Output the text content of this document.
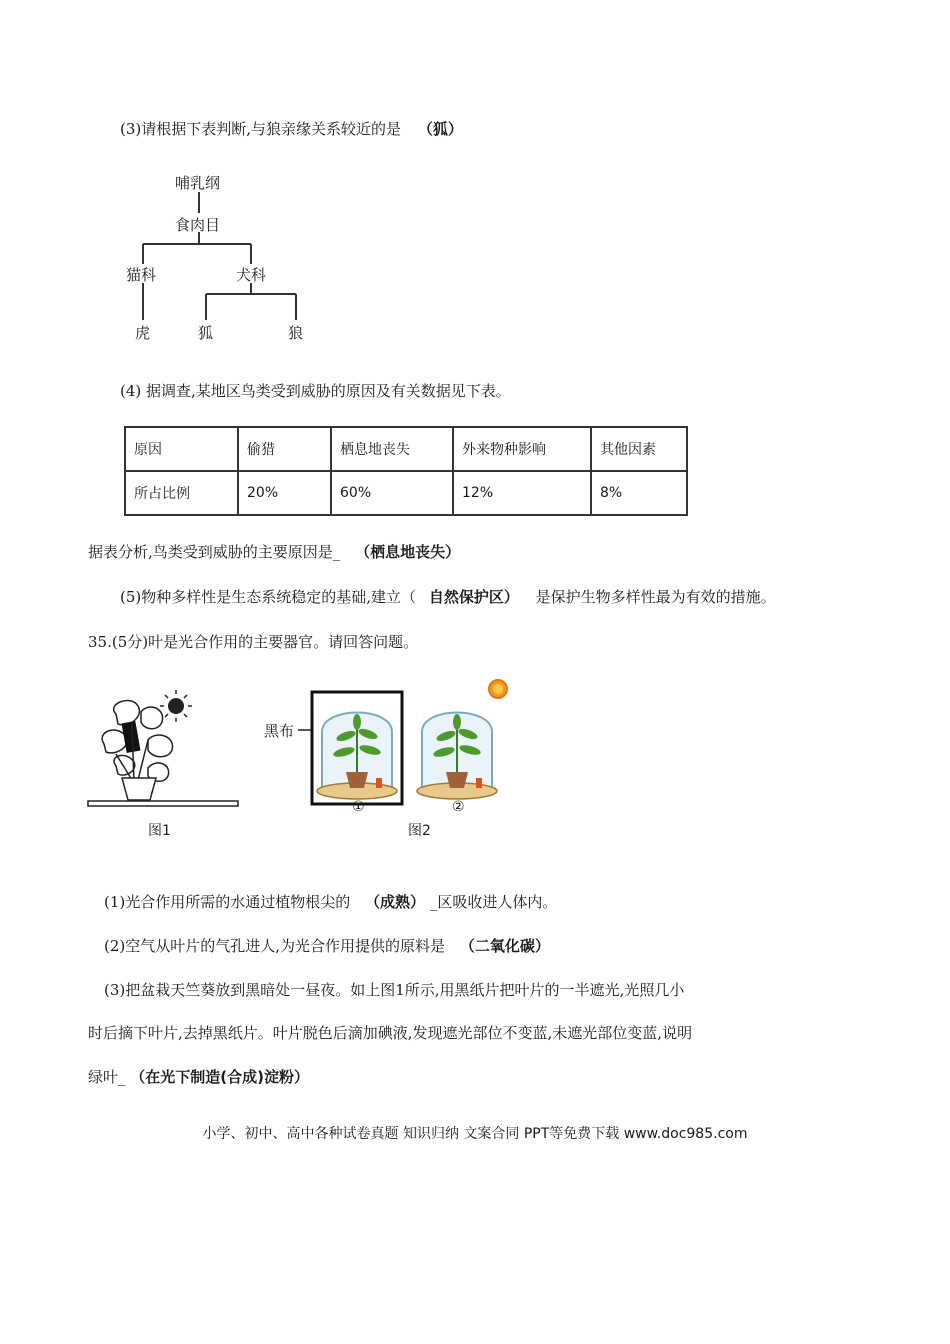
(3)请根据下表判断,与狼亲缘关系较近的是 （狐）
哺乳纲
食肉目
猫科	犬科
虎	狐	狼
(4) 据调查,某地区鸟类受到威胁的原因及有关数据见下表。
原因	偷猎	栖息地丧失	外来物种影响	其他因素
所占比例	20%	60%	12%	8%
据表分析,鸟类受到威胁的主要原因是_ （栖息地丧失）
(5)物种多样性是生态系统稳定的基础,建立（ 自然保护区） 是保护生物多样性最为有效的措施。
35.(5分)叶是光合作用的主要器官。请回答问题。
图1
黑布
①	②
图2
(1)光合作用所需的水通过植物根尖的 （成熟） _区吸收进人体内。
(2)空气从叶片的气孔进人,为光合作用提供的原料是 （二氧化碳）
(3)把盆栽天竺葵放到黑暗处一昼夜。如上图1所示,用黑纸片把叶片的一半遮光,光照几小
时后摘下叶片,去掉黑纸片。叶片脱色后滴加碘液,发现遮光部位不变蓝,未遮光部位变蓝,说明
绿叶_ （在光下制造(合成)淀粉）
小学、初中、高中各种试卷真题 知识归纳 文案合同 PPT等免费下载 www.doc985.com
